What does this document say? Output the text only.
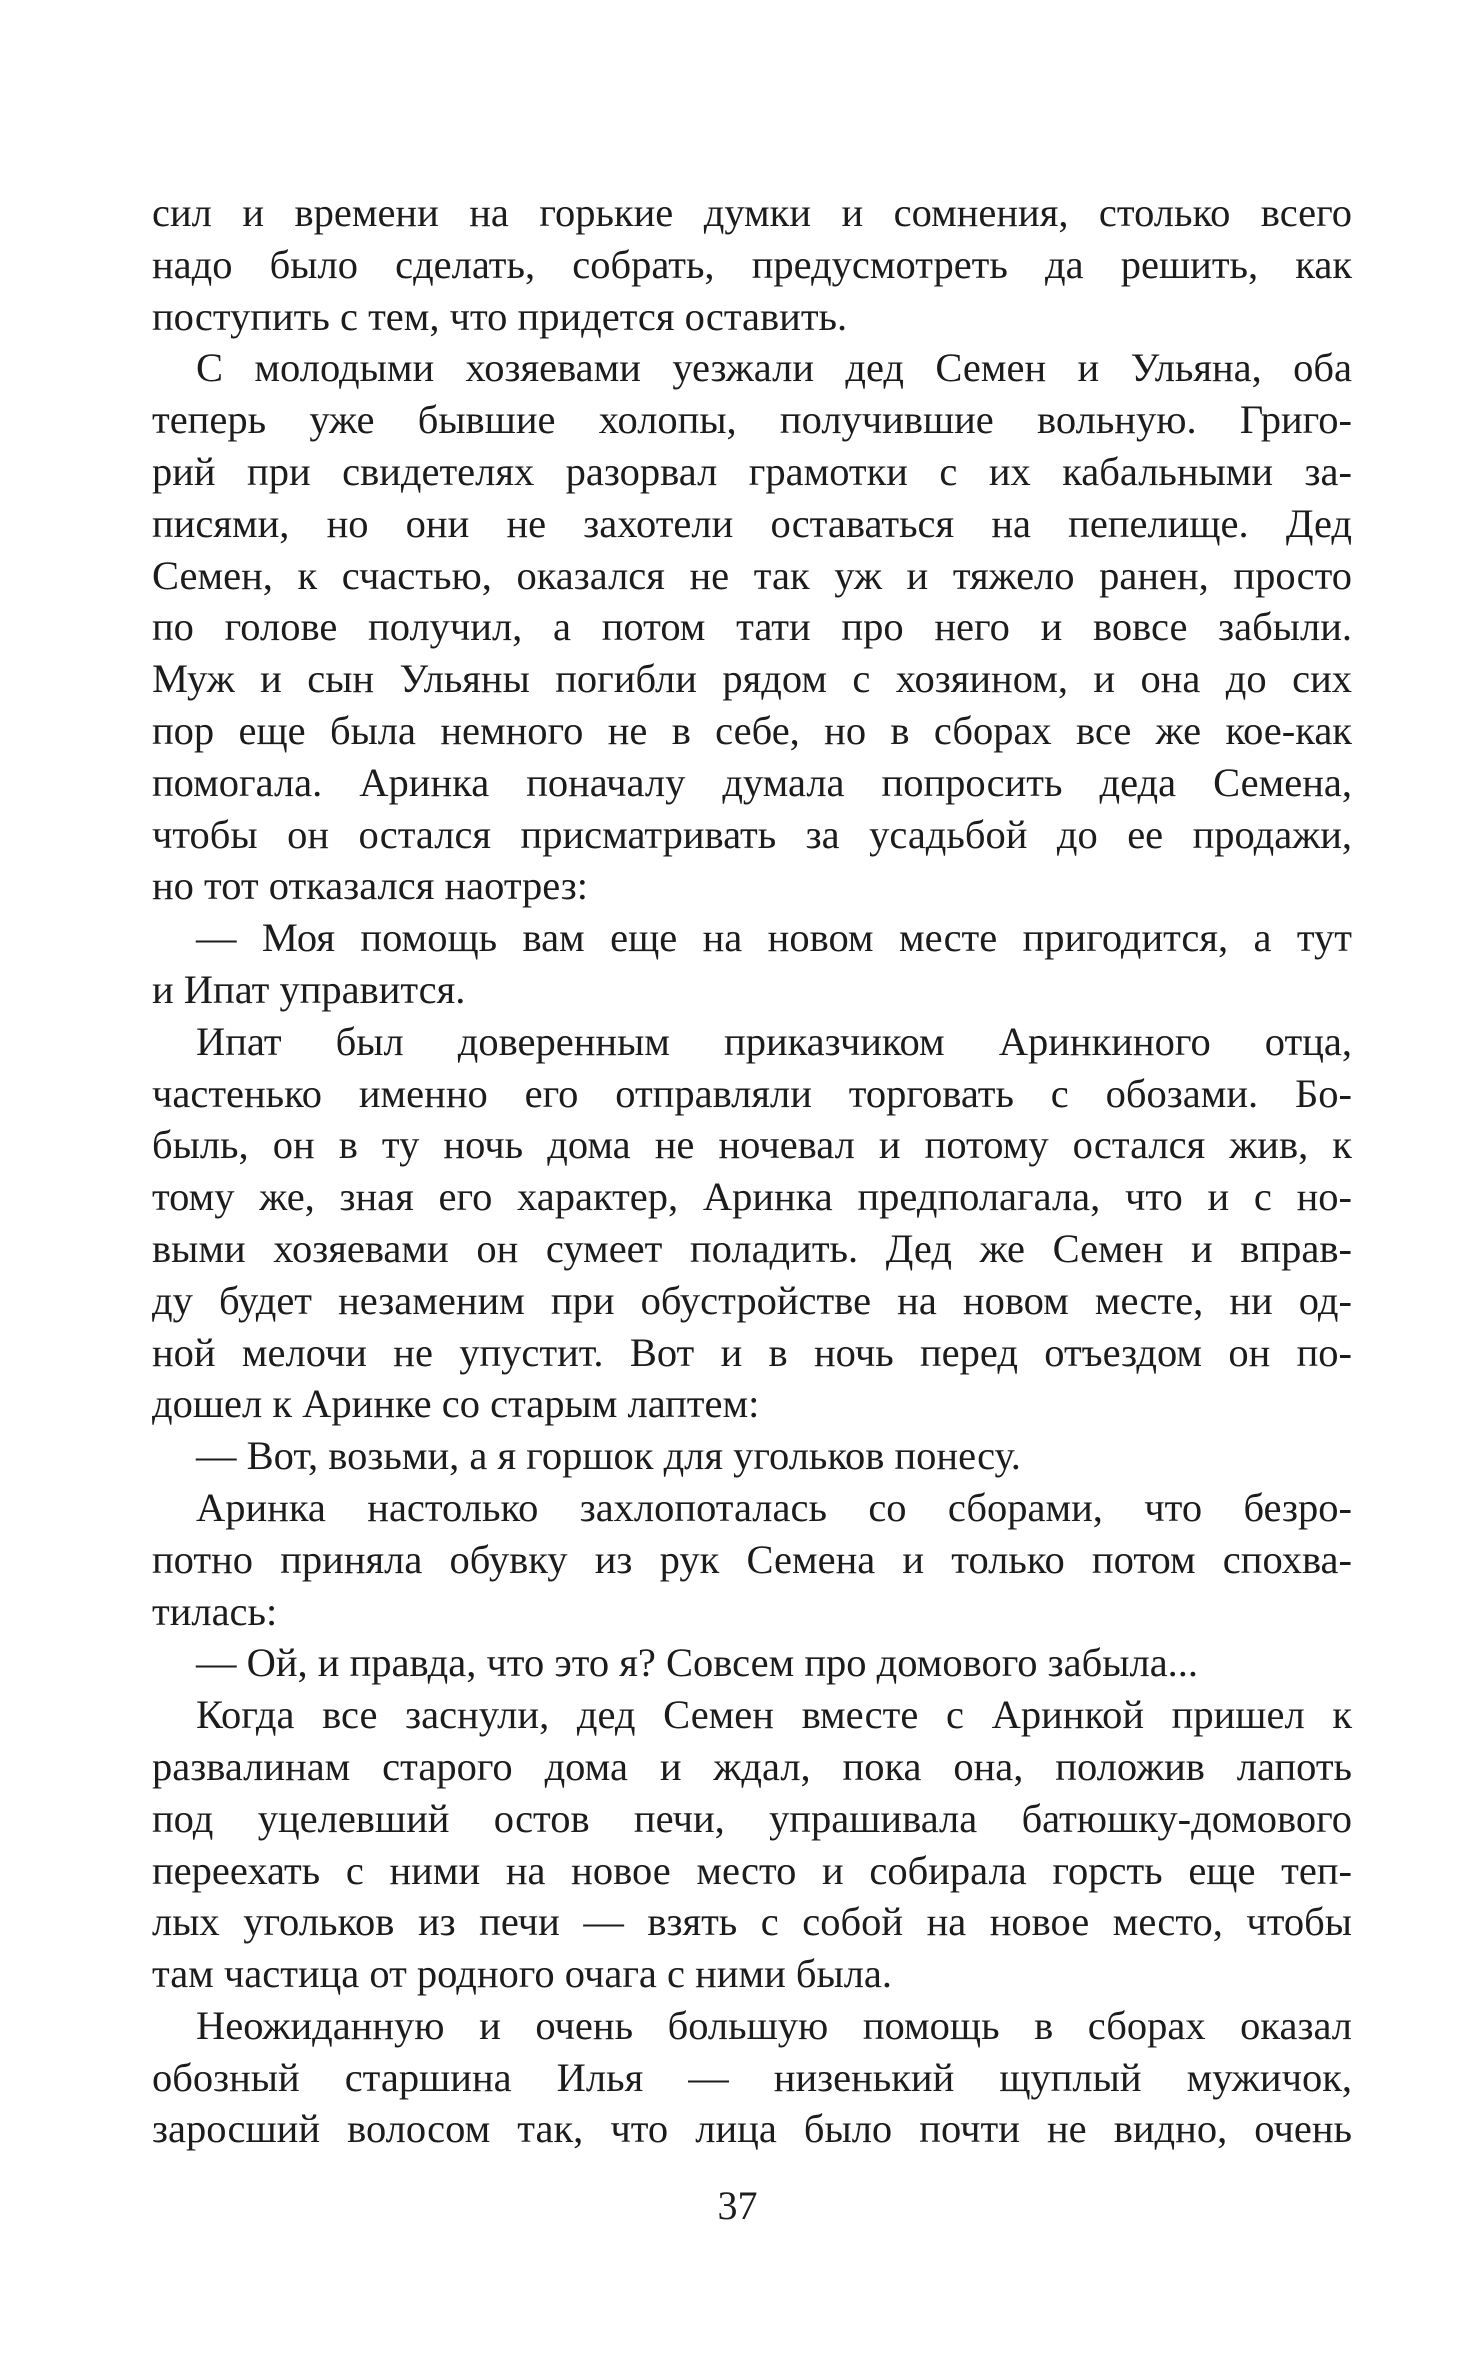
сил и времени на горькие думки и сомнения, столько всего
надо было сделать, собрать, предусмотреть да решить, как
поступить с тем, что придется оставить.
С молодыми хозяевами уезжали дед Семен и Ульяна, оба
теперь уже бывшие холопы, получившие вольную. Григо-
рий при свидетелях разорвал грамотки с их кабальными за-
писями, но они не захотели оставаться на пепелище. Дед
Семен, к счастью, оказался не так уж и тяжело ранен, просто
по голове получил, а потом тати про него и вовсе забыли.
Муж и сын Ульяны погибли рядом с хозяином, и она до сих
пор еще была немного не в себе, но в сборах все же кое-как
помогала. Аринка поначалу думала попросить деда Семена,
чтобы он остался присматривать за усадьбой до ее продажи,
но тот отказался наотрез:
— Моя помощь вам еще на новом месте пригодится, а тут
и Ипат управится.
Ипат был доверенным приказчиком Аринкиного отца,
частенько именно его отправляли торговать с обозами. Бо-
быль, он в ту ночь дома не ночевал и потому остался жив, к
тому же, зная его характер, Аринка предполагала, что и с но-
выми хозяевами он сумеет поладить. Дед же Семен и вправ-
ду будет незаменим при обустройстве на новом месте, ни од-
ной мелочи не упустит. Вот и в ночь перед отъездом он по-
дошел к Аринке со старым лаптем:
— Вот, возьми, а я горшок для угольков понесу.
Аринка настолько захлопоталась со сборами, что безро-
потно приняла обувку из рук Семена и только потом спохва-
тилась:
— Ой, и правда, что это я? Совсем про домового забыла...
Когда все заснули, дед Семен вместе с Аринкой пришел к
развалинам старого дома и ждал, пока она, положив лапоть
под уцелевший остов печи, упрашивала батюшку-домового
переехать с ними на новое место и собирала горсть еще теп-
лых угольков из печи — взять с собой на новое место, чтобы
там частица от родного очага с ними была.
Неожиданную и очень большую помощь в сборах оказал
обозный старшина Илья — низенький щуплый мужичок,
заросший волосом так, что лица было почти не видно, очень
37
